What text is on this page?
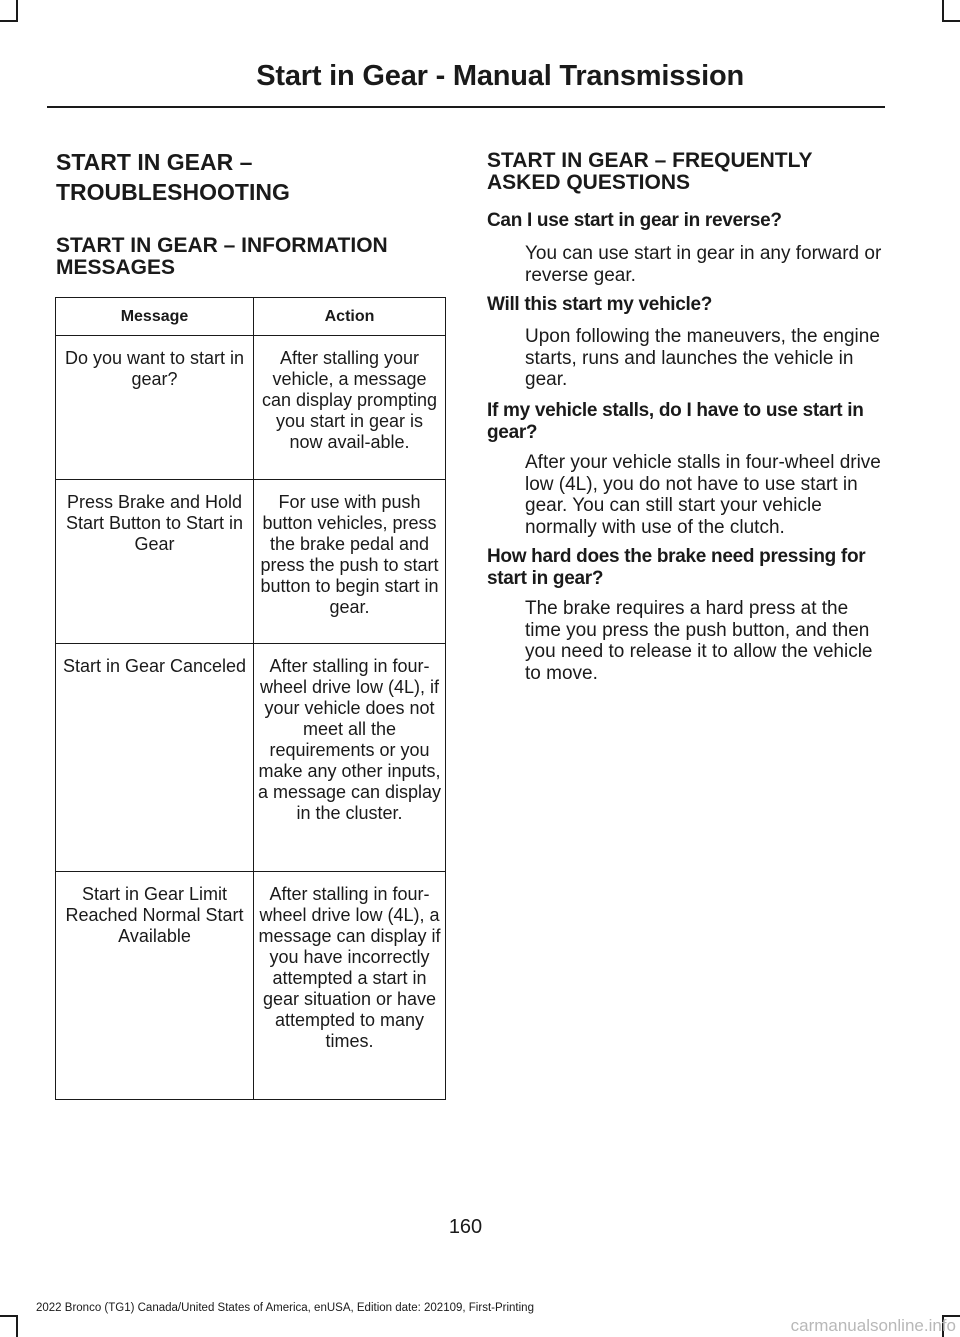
Start in Gear - Manual Transmission
START IN GEAR –
TROUBLESHOOTING
START IN GEAR – INFORMATION MESSAGES
Message	Action
Do you want to start in gear?	After stalling your vehicle, a message can display prompting you start in gear is now avail-able.
Press Brake and Hold Start Button to Start in Gear	For use with push button vehicles, press the brake pedal and press the push to start button to begin start in gear.
Start in Gear Canceled	After stalling in four-wheel drive low (4L), if your vehicle does not meet all the requirements or you make any other inputs, a message can display in the cluster.
Start in Gear Limit Reached Normal Start Available	After stalling in four-wheel drive low (4L), a message can display if you have incorrectly attempted a start in gear situation or have attempted to many times.
START IN GEAR – FREQUENTLY ASKED QUESTIONS
Can I use start in gear in reverse?
You can use start in gear in any forward or reverse gear.
Will this start my vehicle?
Upon following the maneuvers, the engine starts, runs and launches the vehicle in gear.
If my vehicle stalls, do I have to use start in gear?
After your vehicle stalls in four-wheel drive low (4L), you do not have to use start in gear. You can still start your vehicle normally with use of the clutch.
How hard does the brake need pressing for start in gear?
The brake requires a hard press at the time you press the push button, and then you need to release it to allow the vehicle to move.
160
2022 Bronco (TG1) Canada/United States of America, enUSA, Edition date: 202109, First-Printing
carmanualsonline.info
